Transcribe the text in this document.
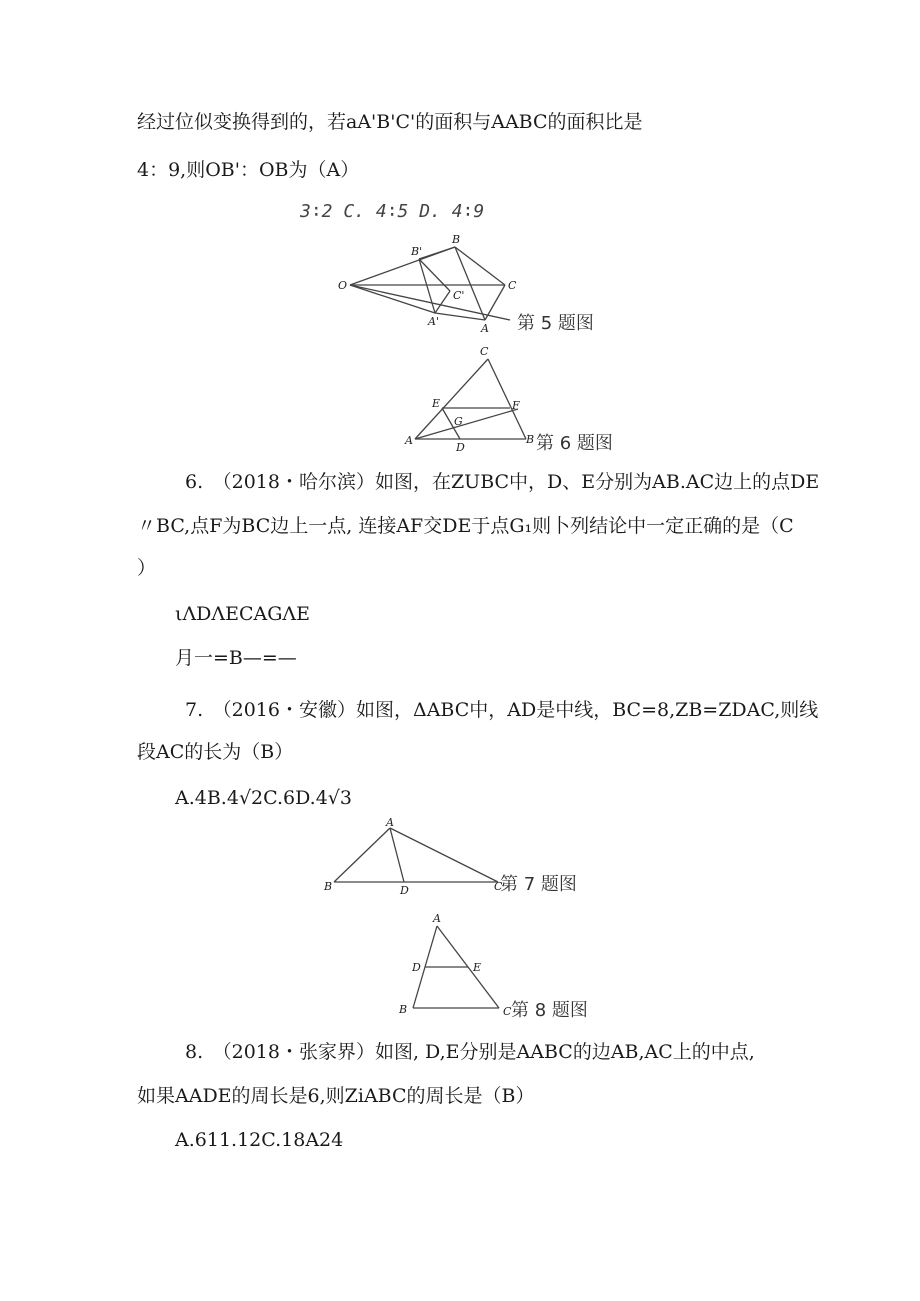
经过位似变换得到的，若aA'B'C'的面积与AABC的面积比是
4：9,则OB'：OB为（A）
3∶2 C. 4∶5 D. 4∶9
O
B'
B
C'
C
A'
A 第 5 题图
C
E	F
G
A
D
B 第 6 题图
6.　（2018・哈尔滨）如图，在ZUBC中，D、E分别为AB.AC边上的点DE
〃BC,点F为BC边上一点, 连接AF交DE于点G₁则卜列结论中一定正确的是（C
）
ιΛDΛECAGΛE
月一=B—=—
7.　（2016・安徽）如图，ΔABC中，AD是中线，BC=8,ZB=ZDAC,则线
段AC的长为（B）
A.4B.4√2C.6D.4√3
A
B	D	C
第 7 题图
A
D	E
B	C 第 8 题图
8.　（2018・张家界）如图, D,E分别是AABC的边AB,AC上的中点,
如果AADE的周长是6,则ZiABC的周长是（B）
A.611.12C.18A24
